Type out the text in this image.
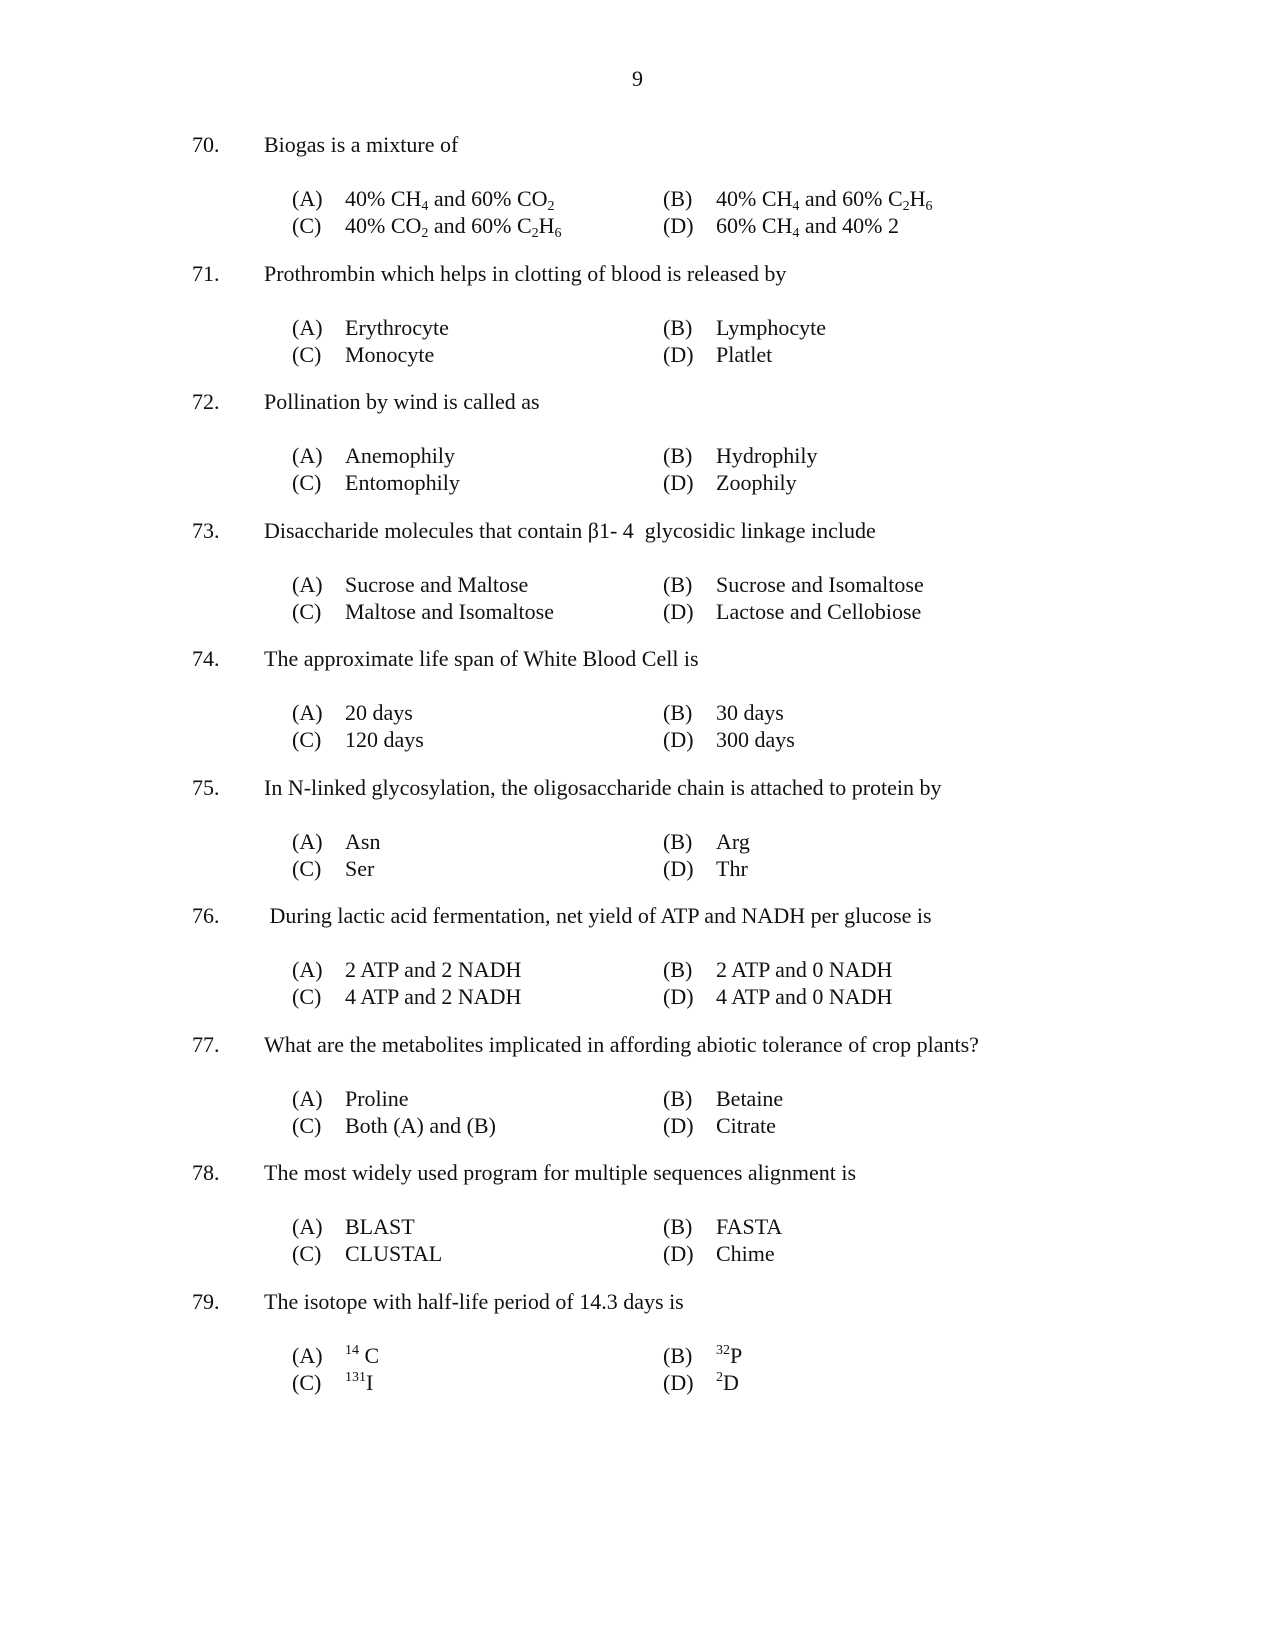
9
70. Biogas is a mixture of
(A) 40% $CH_4$ and 60% $CO_2$	(B) 40% $CH_4$ and 60% $C_2H_6$
(C) 40% $CO_2$ and 60% $C_2H_6$	(D) 60% $CH_4$ and 40% 2
71. Prothrombin which helps in clotting of blood is released by
(A) Erythrocyte	(B) Lymphocyte
(C) Monocyte	(D) Platlet
72. Pollination by wind is called as
(A) Anemophily	(B) Hydrophily
(C) Entomophily	(D) Zoophily
73. Disaccharide molecules that contain β1- 4  glycosidic linkage include
(A) Sucrose and Maltose	(B) Sucrose and Isomaltose
(C) Maltose and Isomaltose	(D) Lactose and Cellobiose
74. The approximate life span of White Blood Cell is
(A) 20 days	(B) 30 days
(C) 120 days	(D) 300 days
75. In N-linked glycosylation, the oligosaccharide chain is attached to protein by
(A) Asn	(B) Arg
(C) Ser	(D) Thr
76. During lactic acid fermentation, net yield of ATP and NADH per glucose is
(A) 2 ATP and 2 NADH	(B) 2 ATP and 0 NADH
(C) 4 ATP and 2 NADH	(D) 4 ATP and 0 NADH
77. What are the metabolites implicated in affording abiotic tolerance of crop plants?
(A) Proline	(B) Betaine
(C) Both (A) and (B)	(D) Citrate
78. The most widely used program for multiple sequences alignment is
(A) BLAST	(B) FASTA
(C) CLUSTAL	(D) Chime
79. The isotope with half-life period of 14.3 days is
(A) $^{14}$ C	(B) $^{32}$P
(C) $^{131}$I	(D) $^2$D
